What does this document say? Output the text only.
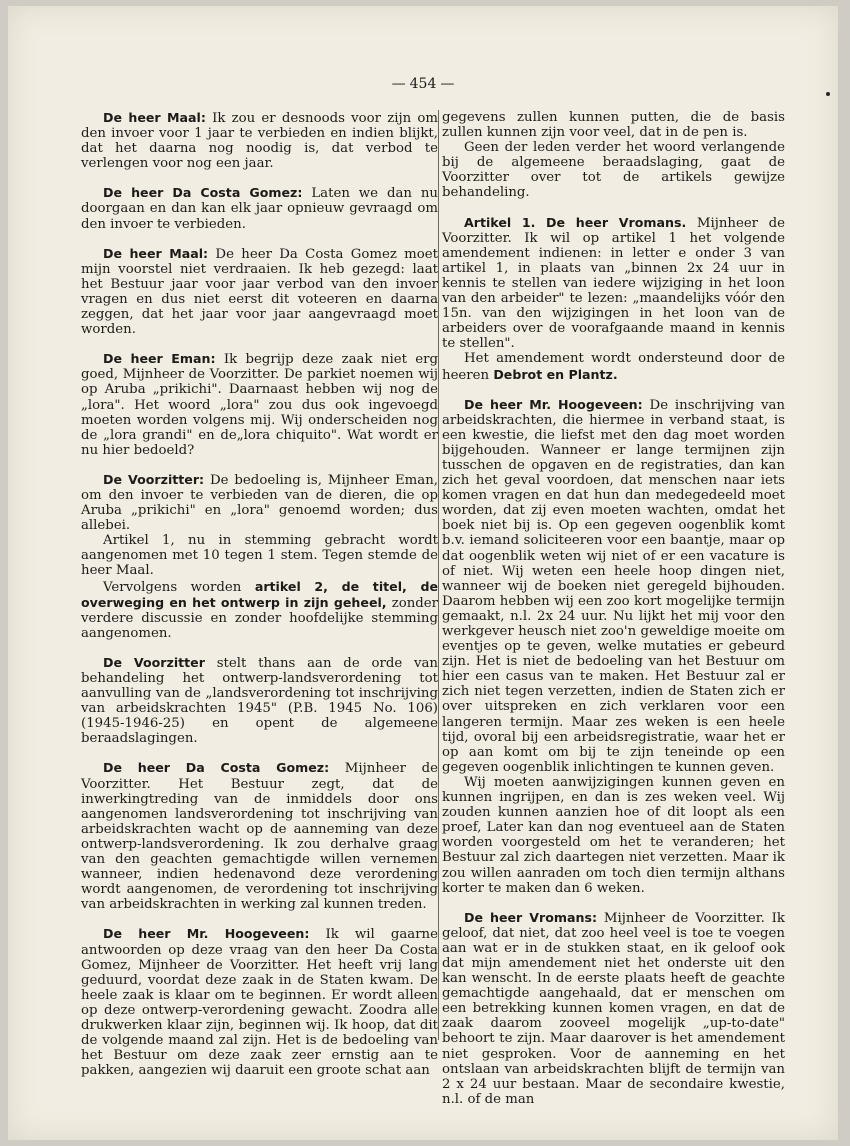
— 454 —

De heer Maal: Ik zou er desnoods voor zijn om den invoer voor 1 jaar te verbieden en indien blijkt, dat het daarna nog noodig is, dat verbod te verlengen voor nog een jaar.

De heer Da Costa Gomez: Laten we dan nu doorgaan en dan kan elk jaar opnieuw gevraagd om den invoer te verbieden.

De heer Maal: De heer Da Costa Gomez moet mijn voorstel niet verdraaien. Ik heb gezegd: laat het Bestuur jaar voor jaar verbod van den invoer vragen en dus niet eerst dit voteeren en daarna zeggen, dat het jaar voor jaar aangevraagd moet worden.

De heer Eman: Ik begrijp deze zaak niet erg goed, Mijnheer de Voorzitter. De parkiet noemen wij op Aruba „prikichi". Daarnaast hebben wij nog de „lora". Het woord „lora" zou dus ook ingevoegd moeten worden volgens mij. Wij onderscheiden nog de „lora grandi" en de„lora chiquito". Wat wordt er nu hier bedoeld?

De Voorzitter: De bedoeling is, Mijnheer Eman, om den invoer te verbieden van de dieren, die op Aruba „prikichi" en „lora" genoemd worden; dus allebei.

Artikel 1, nu in stemming gebracht wordt aangenomen met 10 tegen 1 stem. Tegen stemde de heer Maal.

Vervolgens worden artikel 2, de titel, de overweging en het ontwerp in zijn geheel, zonder verdere discussie en zonder hoofdelijke stemming aangenomen.

De Voorzitter stelt thans aan de orde van behandeling het ontwerp-landsverordening tot aanvulling van de „landsverordening tot inschrijving van arbeidskrachten 1945" (P.B. 1945 No. 106) (1945-1946-25) en opent de algemeene beraadslagingen.

De heer Da Costa Gomez: Mijnheer de Voorzitter. Het Bestuur zegt, dat de inwerkingtreding van de inmiddels door ons aangenomen landsverordening tot inschrijving van arbeidskrachten wacht op de aanneming van deze ontwerp-landsverordening. Ik zou derhalve graag van den geachten gemachtigde willen vernemen wanneer, indien hedenavond deze verordening wordt aangenomen, de verordening tot inschrijving van arbeidskrachten in werking zal kunnen treden.

De heer Mr. Hoogeveen: Ik wil gaarne antwoorden op deze vraag van den heer Da Costa Gomez, Mijnheer de Voorzitter. Het heeft vrij lang geduurd, voordat deze zaak in de Staten kwam. De heele zaak is klaar om te beginnen. Er wordt alleen op deze ontwerp-verordening gewacht. Zoodra alle drukwerken klaar zijn, beginnen wij. Ik hoop, dat dit de volgende maand zal zijn. Het is de bedoeling van het Bestuur om deze zaak zeer ernstig aan te pakken, aangezien wij daaruit een groote schat aan

gegevens zullen kunnen putten, die de basis zullen kunnen zijn voor veel, dat in de pen is.

Geen der leden verder het woord verlangende bij de algemeene beraadslaging, gaat de Voorzitter over tot de artikels gewijze behandeling.

Artikel 1. De heer Vromans. Mijnheer de Voorzitter. Ik wil op artikel 1 het volgende amendement indienen: in letter e onder 3 van artikel 1, in plaats van „binnen 2x 24 uur in kennis te stellen van iedere wijziging in het loon van den arbeider" te lezen: „maandelijks vóór den 15n. van den wijzigingen in het loon van de arbeiders over de voorafgaande maand in kennis te stellen".

Het amendement wordt ondersteund door de heeren Debrot en Plantz.

De heer Mr. Hoogeveen: De inschrijving van arbeidskrachten, die hiermee in verband staat, is een kwestie, die liefst met den dag moet worden bijgehouden. Wanneer er lange termijnen zijn tusschen de opgaven en de registraties, dan kan zich het geval voordoen, dat menschen naar iets komen vragen en dat hun dan medegedeeld moet worden, dat zij even moeten wachten, omdat het boek niet bij is. Op een gegeven oogenblik komt b.v. iemand soliciteeren voor een baantje, maar op dat oogenblik weten wij niet of er een vacature is of niet. Wij weten een heele hoop dingen niet, wanneer wij de boeken niet geregeld bijhouden. Daarom hebben wij een zoo kort mogelijke termijn gemaakt, n.l. 2x 24 uur. Nu lijkt het mij voor den werkgever heusch niet zoo'n geweldige moeite om eventjes op te geven, welke mutaties er gebeurd zijn. Het is niet de bedoeling van het Bestuur om hier een casus van te maken. Het Bestuur zal er zich niet tegen verzetten, indien de Staten zich er over uitspreken en zich verklaren voor een langeren termijn. Maar zes weken is een heele tijd, ovoral bij een arbeidsregistratie, waar het er op aan komt om bij te zijn teneinde op een gegeven oogenblik inlichtingen te kunnen geven.

Wij moeten aanwijzigingen kunnen geven en kunnen ingrijpen, en dan is zes weken veel. Wij zouden kunnen aanzien hoe of dit loopt als een proef, Later kan dan nog eventueel aan de Staten worden voorgesteld om het te veranderen; het Bestuur zal zich daartegen niet verzetten. Maar ik zou willen aanraden om toch dien termijn althans korter te maken dan 6 weken.

De heer Vromans: Mijnheer de Voorzitter. Ik geloof, dat niet, dat zoo heel veel is toe te voegen aan wat er in de stukken staat, en ik geloof ook dat mijn amendement niet het onderste uit den kan wenscht. In de eerste plaats heeft de geachte gemachtigde aangehaald, dat er menschen om een betrekking kunnen komen vragen, en dat de zaak daarom zooveel mogelijk „up-to-date" behoort te zijn. Maar daarover is het amendement niet gesproken. Voor de aanneming en het ontslaan van arbeidskrachten blijft de termijn van 2 x 24 uur bestaan. Maar de secondaire kwestie, n.l. of de man
